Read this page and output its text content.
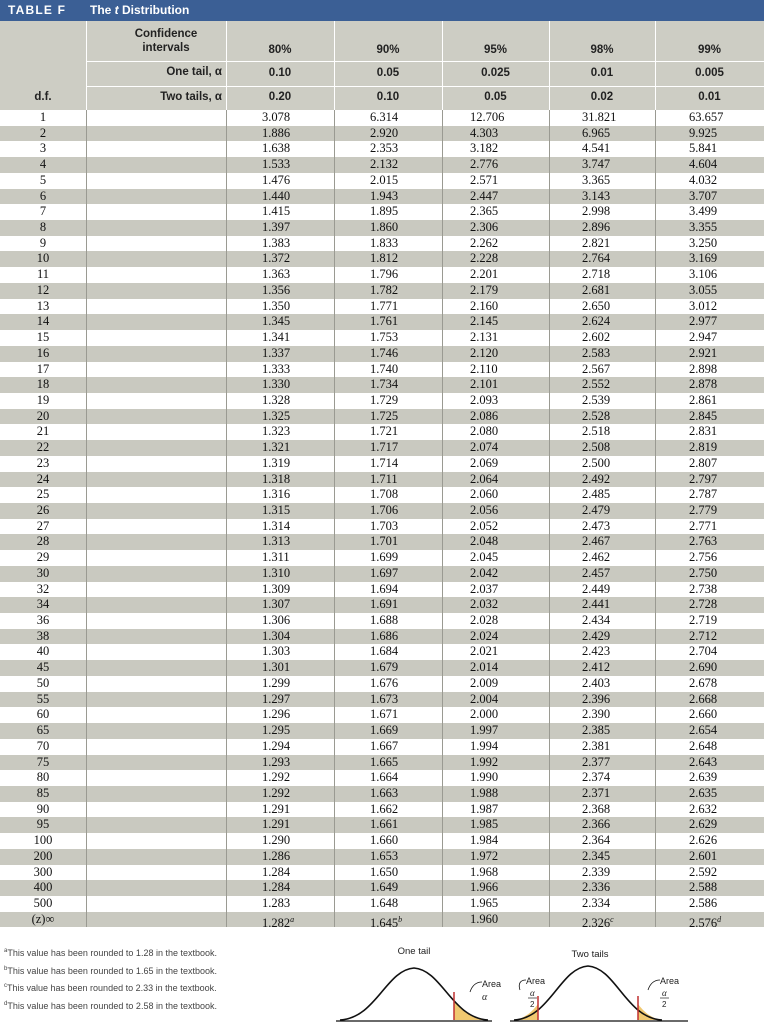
TABLE F The t Distribution
Confidence intervals
One tail, α
Two tails, α
d.f.
80%	90%	95%	98%	99%
0.10	0.05	0.025	0.01	0.005
0.20	0.10	0.05	0.02	0.01
1	3.078	6.314	12.706	31.821	63.657
2	1.886	2.920	4.303	6.965	9.925
3	1.638	2.353	3.182	4.541	5.841
4	1.533	2.132	2.776	3.747	4.604
5	1.476	2.015	2.571	3.365	4.032
6	1.440	1.943	2.447	3.143	3.707
7	1.415	1.895	2.365	2.998	3.499
8	1.397	1.860	2.306	2.896	3.355
9	1.383	1.833	2.262	2.821	3.250
10	1.372	1.812	2.228	2.764	3.169
11	1.363	1.796	2.201	2.718	3.106
12	1.356	1.782	2.179	2.681	3.055
13	1.350	1.771	2.160	2.650	3.012
14	1.345	1.761	2.145	2.624	2.977
15	1.341	1.753	2.131	2.602	2.947
16	1.337	1.746	2.120	2.583	2.921
17	1.333	1.740	2.110	2.567	2.898
18	1.330	1.734	2.101	2.552	2.878
19	1.328	1.729	2.093	2.539	2.861
20	1.325	1.725	2.086	2.528	2.845
21	1.323	1.721	2.080	2.518	2.831
22	1.321	1.717	2.074	2.508	2.819
23	1.319	1.714	2.069	2.500	2.807
24	1.318	1.711	2.064	2.492	2.797
25	1.316	1.708	2.060	2.485	2.787
26	1.315	1.706	2.056	2.479	2.779
27	1.314	1.703	2.052	2.473	2.771
28	1.313	1.701	2.048	2.467	2.763
29	1.311	1.699	2.045	2.462	2.756
30	1.310	1.697	2.042	2.457	2.750
32	1.309	1.694	2.037	2.449	2.738
34	1.307	1.691	2.032	2.441	2.728
36	1.306	1.688	2.028	2.434	2.719
38	1.304	1.686	2.024	2.429	2.712
40	1.303	1.684	2.021	2.423	2.704
45	1.301	1.679	2.014	2.412	2.690
50	1.299	1.676	2.009	2.403	2.678
55	1.297	1.673	2.004	2.396	2.668
60	1.296	1.671	2.000	2.390	2.660
65	1.295	1.669	1.997	2.385	2.654
70	1.294	1.667	1.994	2.381	2.648
75	1.293	1.665	1.992	2.377	2.643
80	1.292	1.664	1.990	2.374	2.639
85	1.292	1.663	1.988	2.371	2.635
90	1.291	1.662	1.987	2.368	2.632
95	1.291	1.661	1.985	2.366	2.629
100	1.290	1.660	1.984	2.364	2.626
200	1.286	1.653	1.972	2.345	2.601
300	1.284	1.650	1.968	2.339	2.592
400	1.284	1.649	1.966	2.336	2.588
500	1.283	1.648	1.965	2.334	2.586
(z)∞	1.282$^a$	1.645$^b$	1.960	2.326$^c$	2.576$^d$
$^a$This value has been rounded to 1.28 in the textbook.
$^b$This value has been rounded to 1.65 in the textbook.
$^c$This value has been rounded to 2.33 in the textbook.
$^d$This value has been rounded to 2.58 in the textbook.
One tail
Area
α
Two tails
Area
α
2
Area
α
2
